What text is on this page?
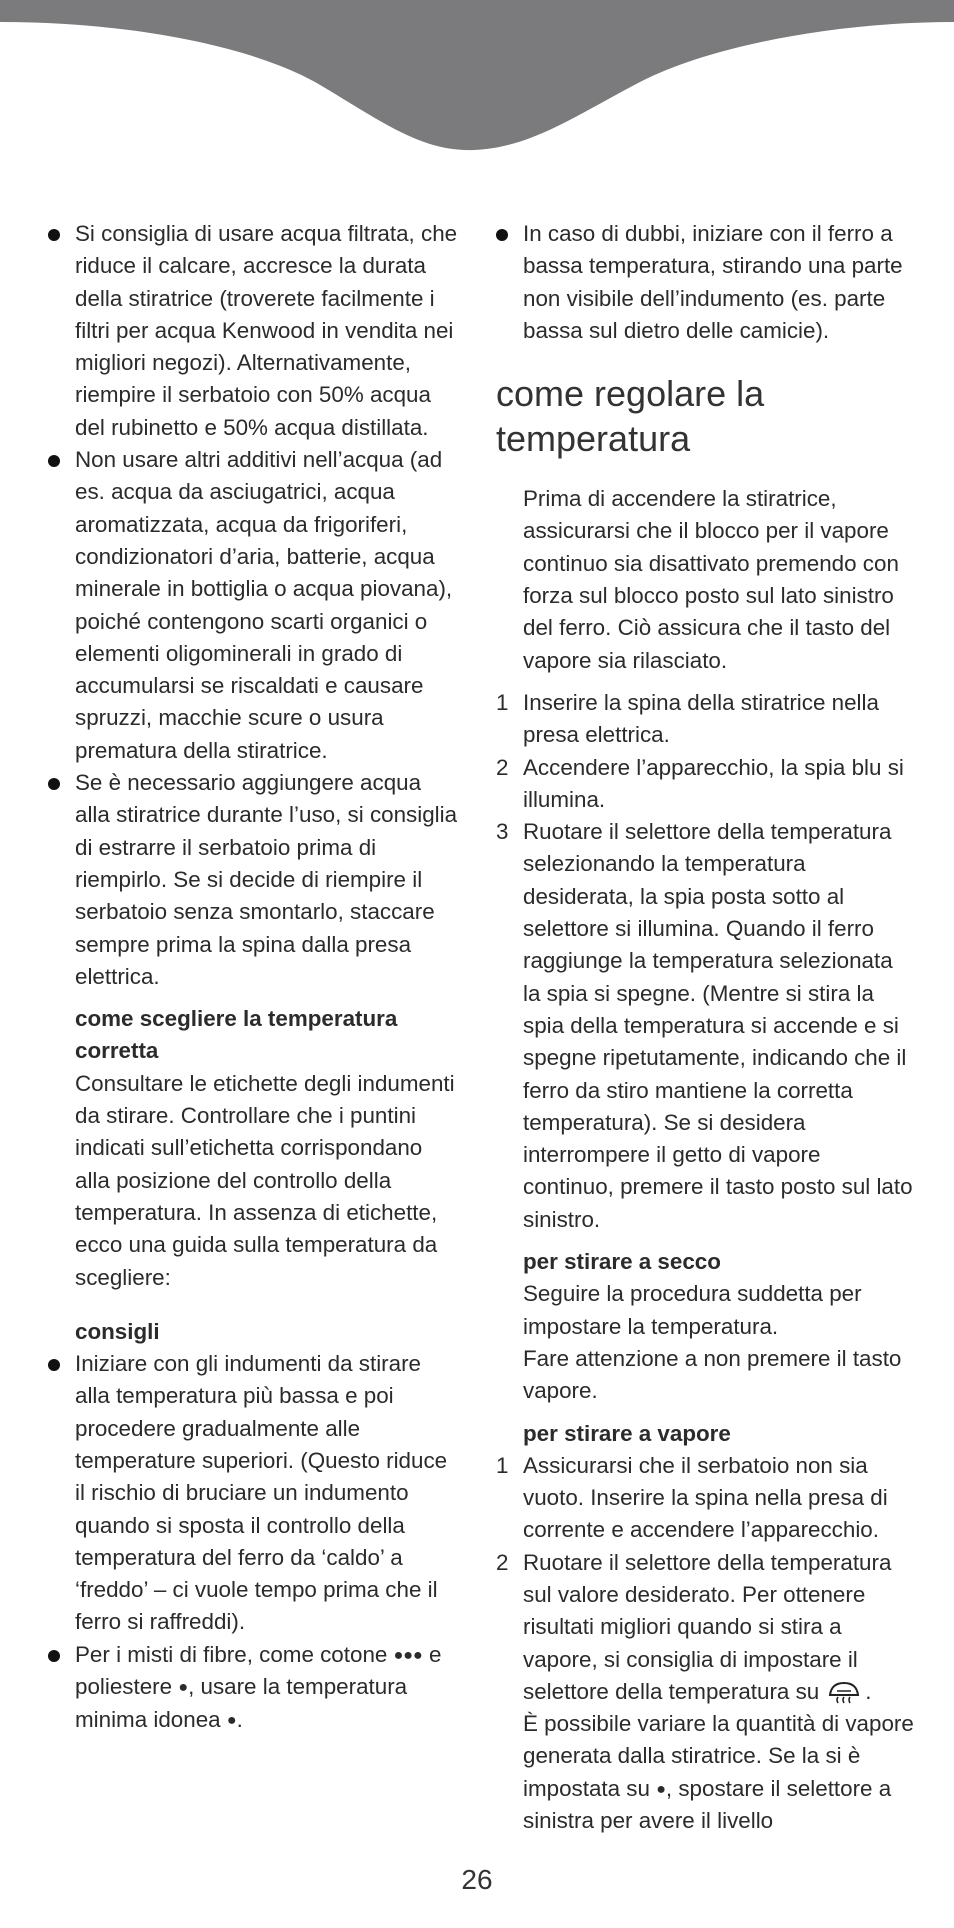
Si consiglia di usare acqua filtrata, che riduce il calcare, accresce la durata della stiratrice (troverete facilmente i filtri per acqua Kenwood in vendita nei migliori negozi). Alternativamente, riempire il serbatoio con 50% acqua del rubinetto e 50% acqua distillata.
Non usare altri additivi nell’acqua (ad es. acqua da asciugatrici, acqua aromatizzata, acqua da frigoriferi, condizionatori d’aria, batterie, acqua minerale in bottiglia o acqua piovana), poiché contengono scarti organici o elementi oligominerali in grado di accumularsi se riscaldati e causare spruzzi, macchie scure o usura prematura della stiratrice.
Se è necessario aggiungere acqua alla stiratrice durante l’uso, si consiglia di estrarre il serbatoio prima di riempirlo. Se si decide di riempire il serbatoio senza smontarlo, staccare sempre prima la spina dalla presa elettrica.
come scegliere la temperatura corretta
Consultare le etichette degli indumenti da stirare. Controllare che i puntini indicati sull’etichetta corrispondano alla posizione del controllo della temperatura. In assenza di etichette, ecco una guida sulla temperatura da scegliere:
consigli
Iniziare con gli indumenti da stirare alla temperatura più bassa e poi procedere gradualmente alle temperature superiori. (Questo riduce il rischio di bruciare un indumento quando si sposta il controllo della temperatura del ferro da ‘caldo’ a ‘freddo’ – ci vuole tempo prima che il ferro si raffreddi).
Per i misti di fibre, come cotone ●●● e poliestere ●, usare la temperatura minima idonea ●.
In caso di dubbi, iniziare con il ferro a bassa temperatura, stirando una parte non visibile dell’indumento (es. parte bassa sul dietro delle camicie).
come regolare la temperatura
Prima di accendere la stiratrice, assicurarsi che il blocco per il vapore continuo sia disattivato premendo con forza sul blocco posto sul lato sinistro del ferro. Ciò assicura che il tasto del vapore sia rilasciato.
1 Inserire la spina della stiratrice nella presa elettrica.
2 Accendere l’apparecchio, la spia blu si illumina.
3 Ruotare il selettore della temperatura selezionando la temperatura desiderata, la spia posta sotto al selettore si illumina. Quando il ferro raggiunge la temperatura selezionata la spia si spegne. (Mentre si stira la spia della temperatura si accende e si spegne ripetutamente, indicando che il ferro da stiro mantiene la corretta temperatura). Se si desidera interrompere il getto di vapore continuo, premere il tasto posto sul lato sinistro.
per stirare a secco
Seguire la procedura suddetta per impostare la temperatura.
Fare attenzione a non premere il tasto vapore.
per stirare a vapore
1 Assicurarsi che il serbatoio non sia vuoto. Inserire la spina nella presa di corrente e accendere l’apparecchio.
2 Ruotare il selettore della temperatura sul valore desiderato. Per ottenere risultati migliori quando si stira a vapore, si consiglia di impostare il selettore della temperatura su .
È possibile variare la quantità di vapore generata dalla stiratrice. Se la si è impostata su ●, spostare il selettore a sinistra per avere il livello
26
